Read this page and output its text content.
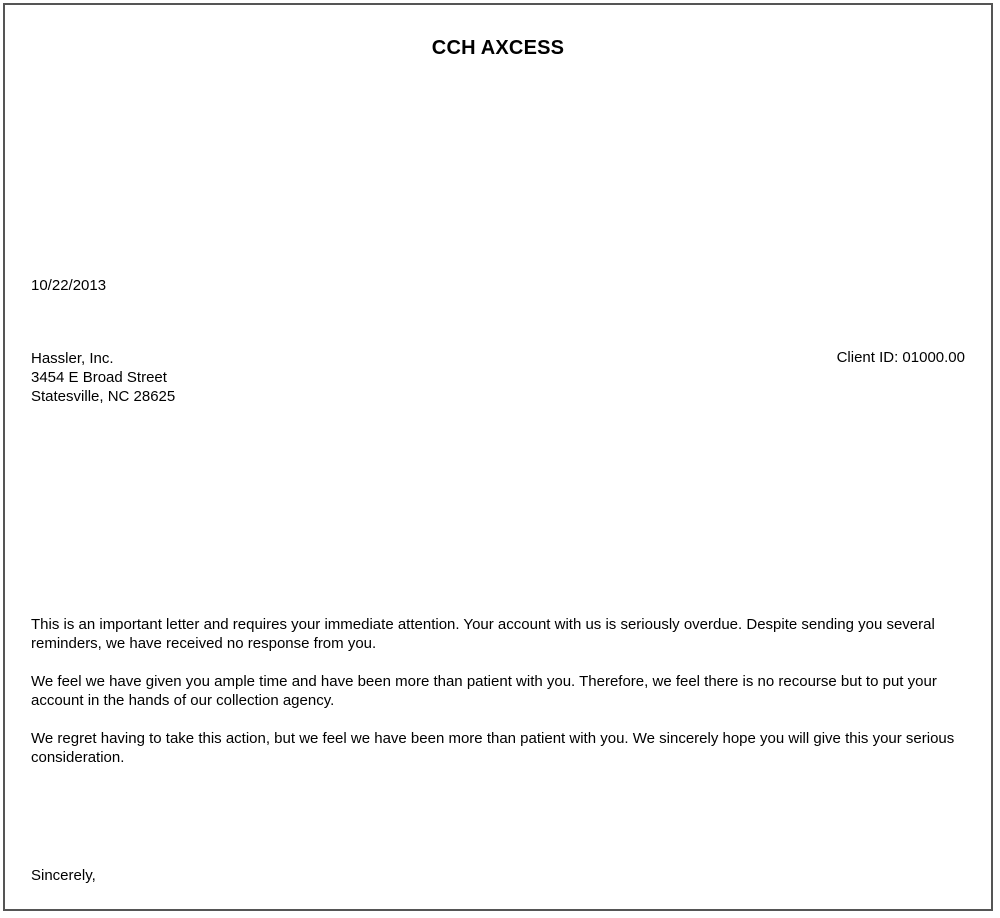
CCH AXCESS
10/22/2013
Hassler, Inc.
3454 E Broad Street
Statesville, NC 28625
Client ID: 01000.00

This is an important letter and requires your immediate attention. Your account with us is seriously overdue. Despite sending you several reminders, we have received no response from you.

We feel we have given you ample time and have been more than patient with you. Therefore, we feel there is no recourse but to put your account in the hands of our collection agency.

We regret having to take this action, but we feel we have been more than patient with you. We sincerely hope you will give this your serious consideration.

Sincerely,
